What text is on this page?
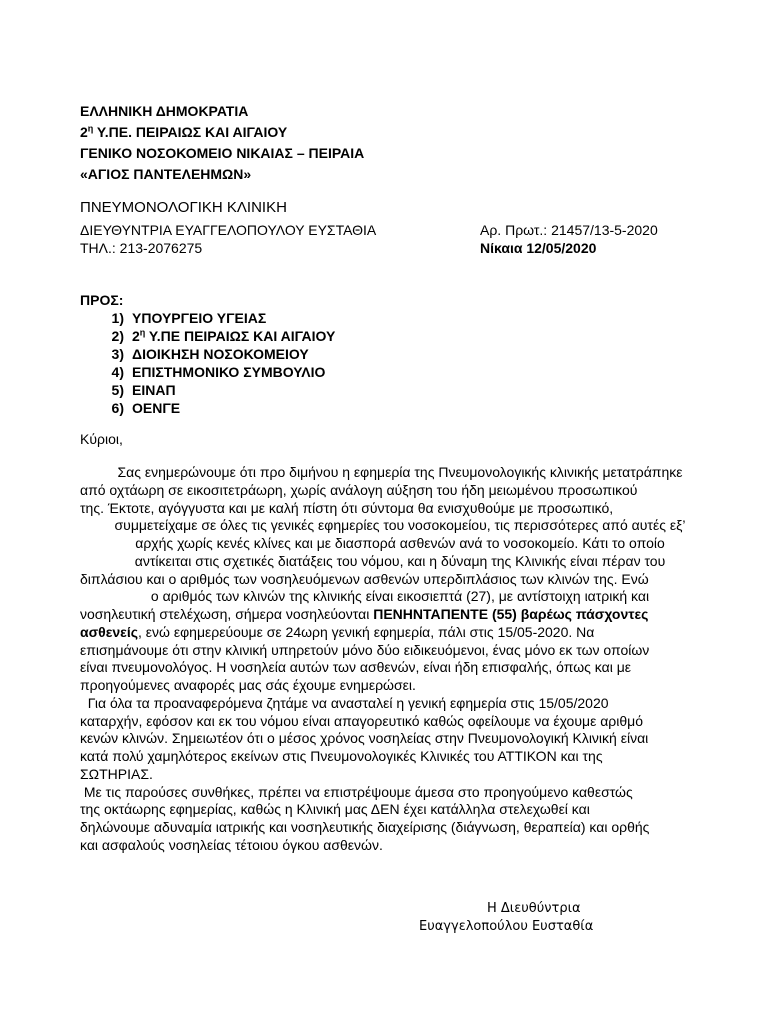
ΕΛΛΗΝΙΚΗ ΔΗΜΟΚΡΑΤΙΑ
$2^\eta$ Υ.ΠΕ. ΠΕΙΡΑΙΩΣ ΚΑΙ ΑΙΓΑΙΟΥ
ΓΕΝΙΚΟ ΝΟΣΟΚΟΜΕΙΟ ΝΙΚΑΙΑΣ – ΠΕΙΡΑΙΑ
«ΑΓΙΟΣ ΠΑΝΤΕΛΕΗΜΩΝ»
ΠΝΕΥΜΟΝΟΛΟΓΙΚΗ ΚΛΙΝΙΚΗ
ΔΙΕΥΘΥΝΤΡΙΑ ΕΥΑΓΓΕΛΟΠΟΥΛΟΥ ΕΥΣΤΑΘΙΑ
ΤΗΛ.: 213-2076275
Αρ. Πρωτ.: 21457/13-5-2020
Νίκαια 12/05/2020
ΠΡΟΣ:
1) ΥΠΟΥΡΓΕΙΟ ΥΓΕΙΑΣ
2) $2^\eta$ Υ.ΠΕ ΠΕΙΡΑΙΩΣ ΚΑΙ ΑΙΓΑΙΟΥ
3) ΔΙΟΙΚΗΣΗ ΝΟΣΟΚΟΜΕΙΟΥ
4) ΕΠΙΣΤΗΜΟΝΙΚΟ ΣΥΜΒΟΥΛΙΟ
5) ΕΙΝΑΠ
6) ΟΕΝΓΕ
Κύριοι,
Σας ενημερώνουμε ότι προ διμήνου η εφημερία της Πνευμονολογικής κλινικής μετατράπηκε
από οχτάωρη σε εικοσιτετράωρη, χωρίς ανάλογη αύξηση του ήδη μειωμένου προσωπικού
της. Έκτοτε, αγόγγυστα και με καλή πίστη ότι σύντομα θα ενισχυθούμε με προσωπικό,
συμμετείχαμε σε όλες τις γενικές εφημερίες του νοσοκομείου, τις περισσότερες από αυτές εξ’
αρχής χωρίς κενές κλίνες και με διασπορά ασθενών ανά το νοσοκομείο. Κάτι το οποίο
αντίκειται στις σχετικές διατάξεις του νόμου, και η δύναμη της Κλινικής είναι πέραν του
διπλάσιου και ο αριθμός των νοσηλευόμενων ασθενών υπερδιπλάσιος των κλινών της. Ενώ
ο αριθμός των κλινών της κλινικής είναι εικοσιεπτά (27), με αντίστοιχη ιατρική και
νοσηλευτική στελέχωση, σήμερα νοσηλεύονται ΠΕΝΗΝΤΑΠΕΝΤΕ (55) βαρέως πάσχοντες
ασθενείς, ενώ εφημερεύουμε σε 24ωρη γενική εφημερία, πάλι στις 15/05-2020. Να
επισημάνουμε ότι στην κλινική υπηρετούν μόνο δύο ειδικευόμενοι, ένας μόνο εκ των οποίων
είναι πνευμονολόγος. Η νοσηλεία αυτών των ασθενών, είναι ήδη επισφαλής, όπως και με
προηγούμενες αναφορές μας σάς έχουμε ενημερώσει.
Για όλα τα προαναφερόμενα ζητάμε να ανασταλεί η γενική εφημερία στις 15/05/2020
καταρχήν, εφόσον και εκ του νόμου είναι απαγορευτικό καθώς οφείλουμε να έχουμε αριθμό
κενών κλινών. Σημειωτέον ότι ο μέσος χρόνος νοσηλείας στην Πνευμονολογική Κλινική είναι
κατά πολύ χαμηλότερος εκείνων στις Πνευμονολογικές Κλινικές του ΑΤΤΙΚΟΝ και της
ΣΩΤΗΡΙΑΣ.
Με τις παρούσες συνθήκες, πρέπει να επιστρέψουμε άμεσα στο προηγούμενο καθεστώς
της οκτάωρης εφημερίας, καθώς η Κλινική μας ΔΕΝ έχει κατάλληλα στελεχωθεί και
δηλώνουμε αδυναμία ιατρικής και νοσηλευτικής διαχείρισης (διάγνωση, θεραπεία) και ορθής
και ασφαλούς νοσηλείας τέτοιου όγκου ασθενών.
Η Διευθύντρια
Ευαγγελοπούλου Ευσταθία
